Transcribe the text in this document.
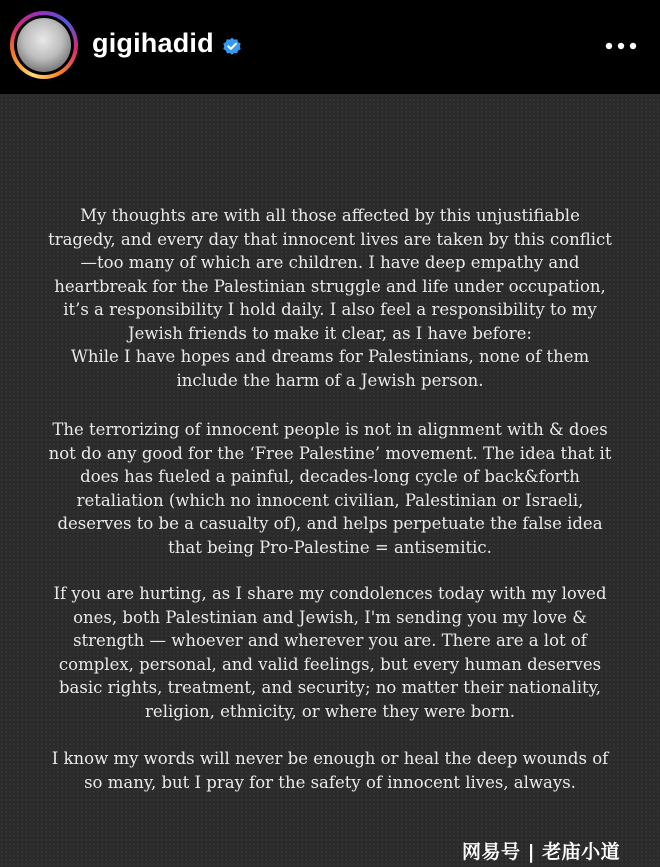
gigihadid
My thoughts are with all those affected by this unjustifiable
tragedy, and every day that innocent lives are taken by this conflict
—too many of which are children. I have deep empathy and
heartbreak for the Palestinian struggle and life under occupation,
it’s a responsibility I hold daily. I also feel a responsibility to my
Jewish friends to make it clear, as I have before:
While I have hopes and dreams for Palestinians, none of them
include the harm of a Jewish person.
The terrorizing of innocent people is not in alignment with & does
not do any good for the ‘Free Palestine’ movement. The idea that it
does has fueled a painful, decades-long cycle of back&forth
retaliation (which no innocent civilian, Palestinian or Israeli,
deserves to be a casualty of), and helps perpetuate the false idea
that being Pro-Palestine = antisemitic.
If you are hurting, as I share my condolences today with my loved
ones, both Palestinian and Jewish, I'm sending you my love &
strength — whoever and wherever you are. There are a lot of
complex, personal, and valid feelings, but every human deserves
basic rights, treatment, and security; no matter their nationality,
religion, ethnicity, or where they were born.
I know my words will never be enough or heal the deep wounds of
so many, but I pray for the safety of innocent lives, always.
网易号 | 老庙小道
